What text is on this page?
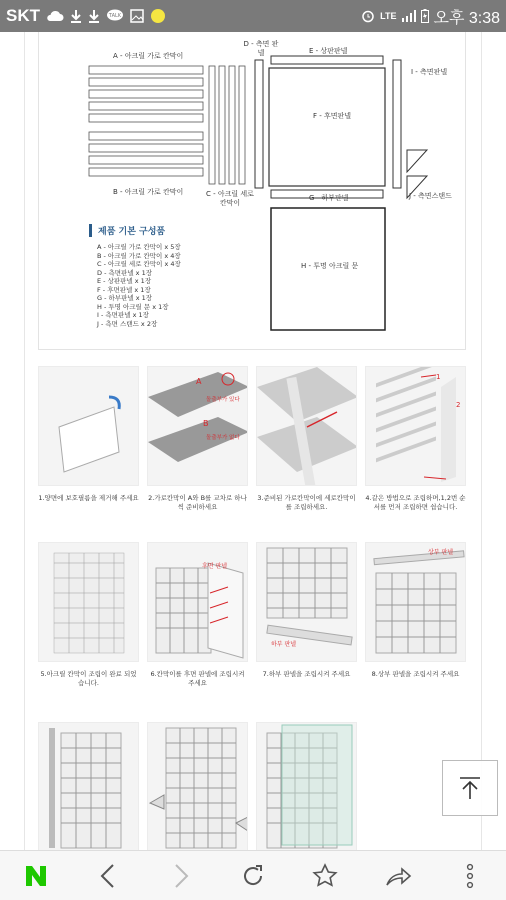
SKT	TALK	LTE 오후 3:38
A - 아크릴 가로 칸막이
B - 아크릴 가로 칸막이	C - 아크릴 세로 칸막이
D - 측면 판넬	E - 상판판넬
F - 후면판넬
G - 하부판넬
H - 투명 아크릴 문
I - 측면판넬
J - 측면스탠드
제품 기본 구성품
A - 아크릴 가로 칸막이 x 5장
B - 아크릴 가로 칸막이 x 4장
C - 아크릴 세로 칸막이 x 4장
D - 측면판넬 x 1장
E - 상판판넬 x 1장
F - 후면판넬 x 1장
G - 하부판넬 x 1장
H - 투명 아크릴 문 x 1장
I - 측면판넬 x 1장
J - 측면 스탠드 x 2장
1.양면에 보호필름을 제거해 주세요
A
돌출부가 있다
B
돌출부가 없다
2.가로칸막이 A와 B를 교차로 하나씩 준비하세요
3.준비된 가로칸막이에 세로칸막이를 조립하세요.
1
2
4.같은 방법으로 조립하며,1,2번 순서를 먼저 조립하면 쉽습니다.
5.아크릴 칸막이 조립이 완료 되었습니다.
후면 판넬
6.칸막이를 후면 판넬에 조립시켜 주세요
하부 판넬
7.하부 판넬을 조립시켜 주세요
상부 판넬
8.상부 판넬을 조립시켜 주세요
